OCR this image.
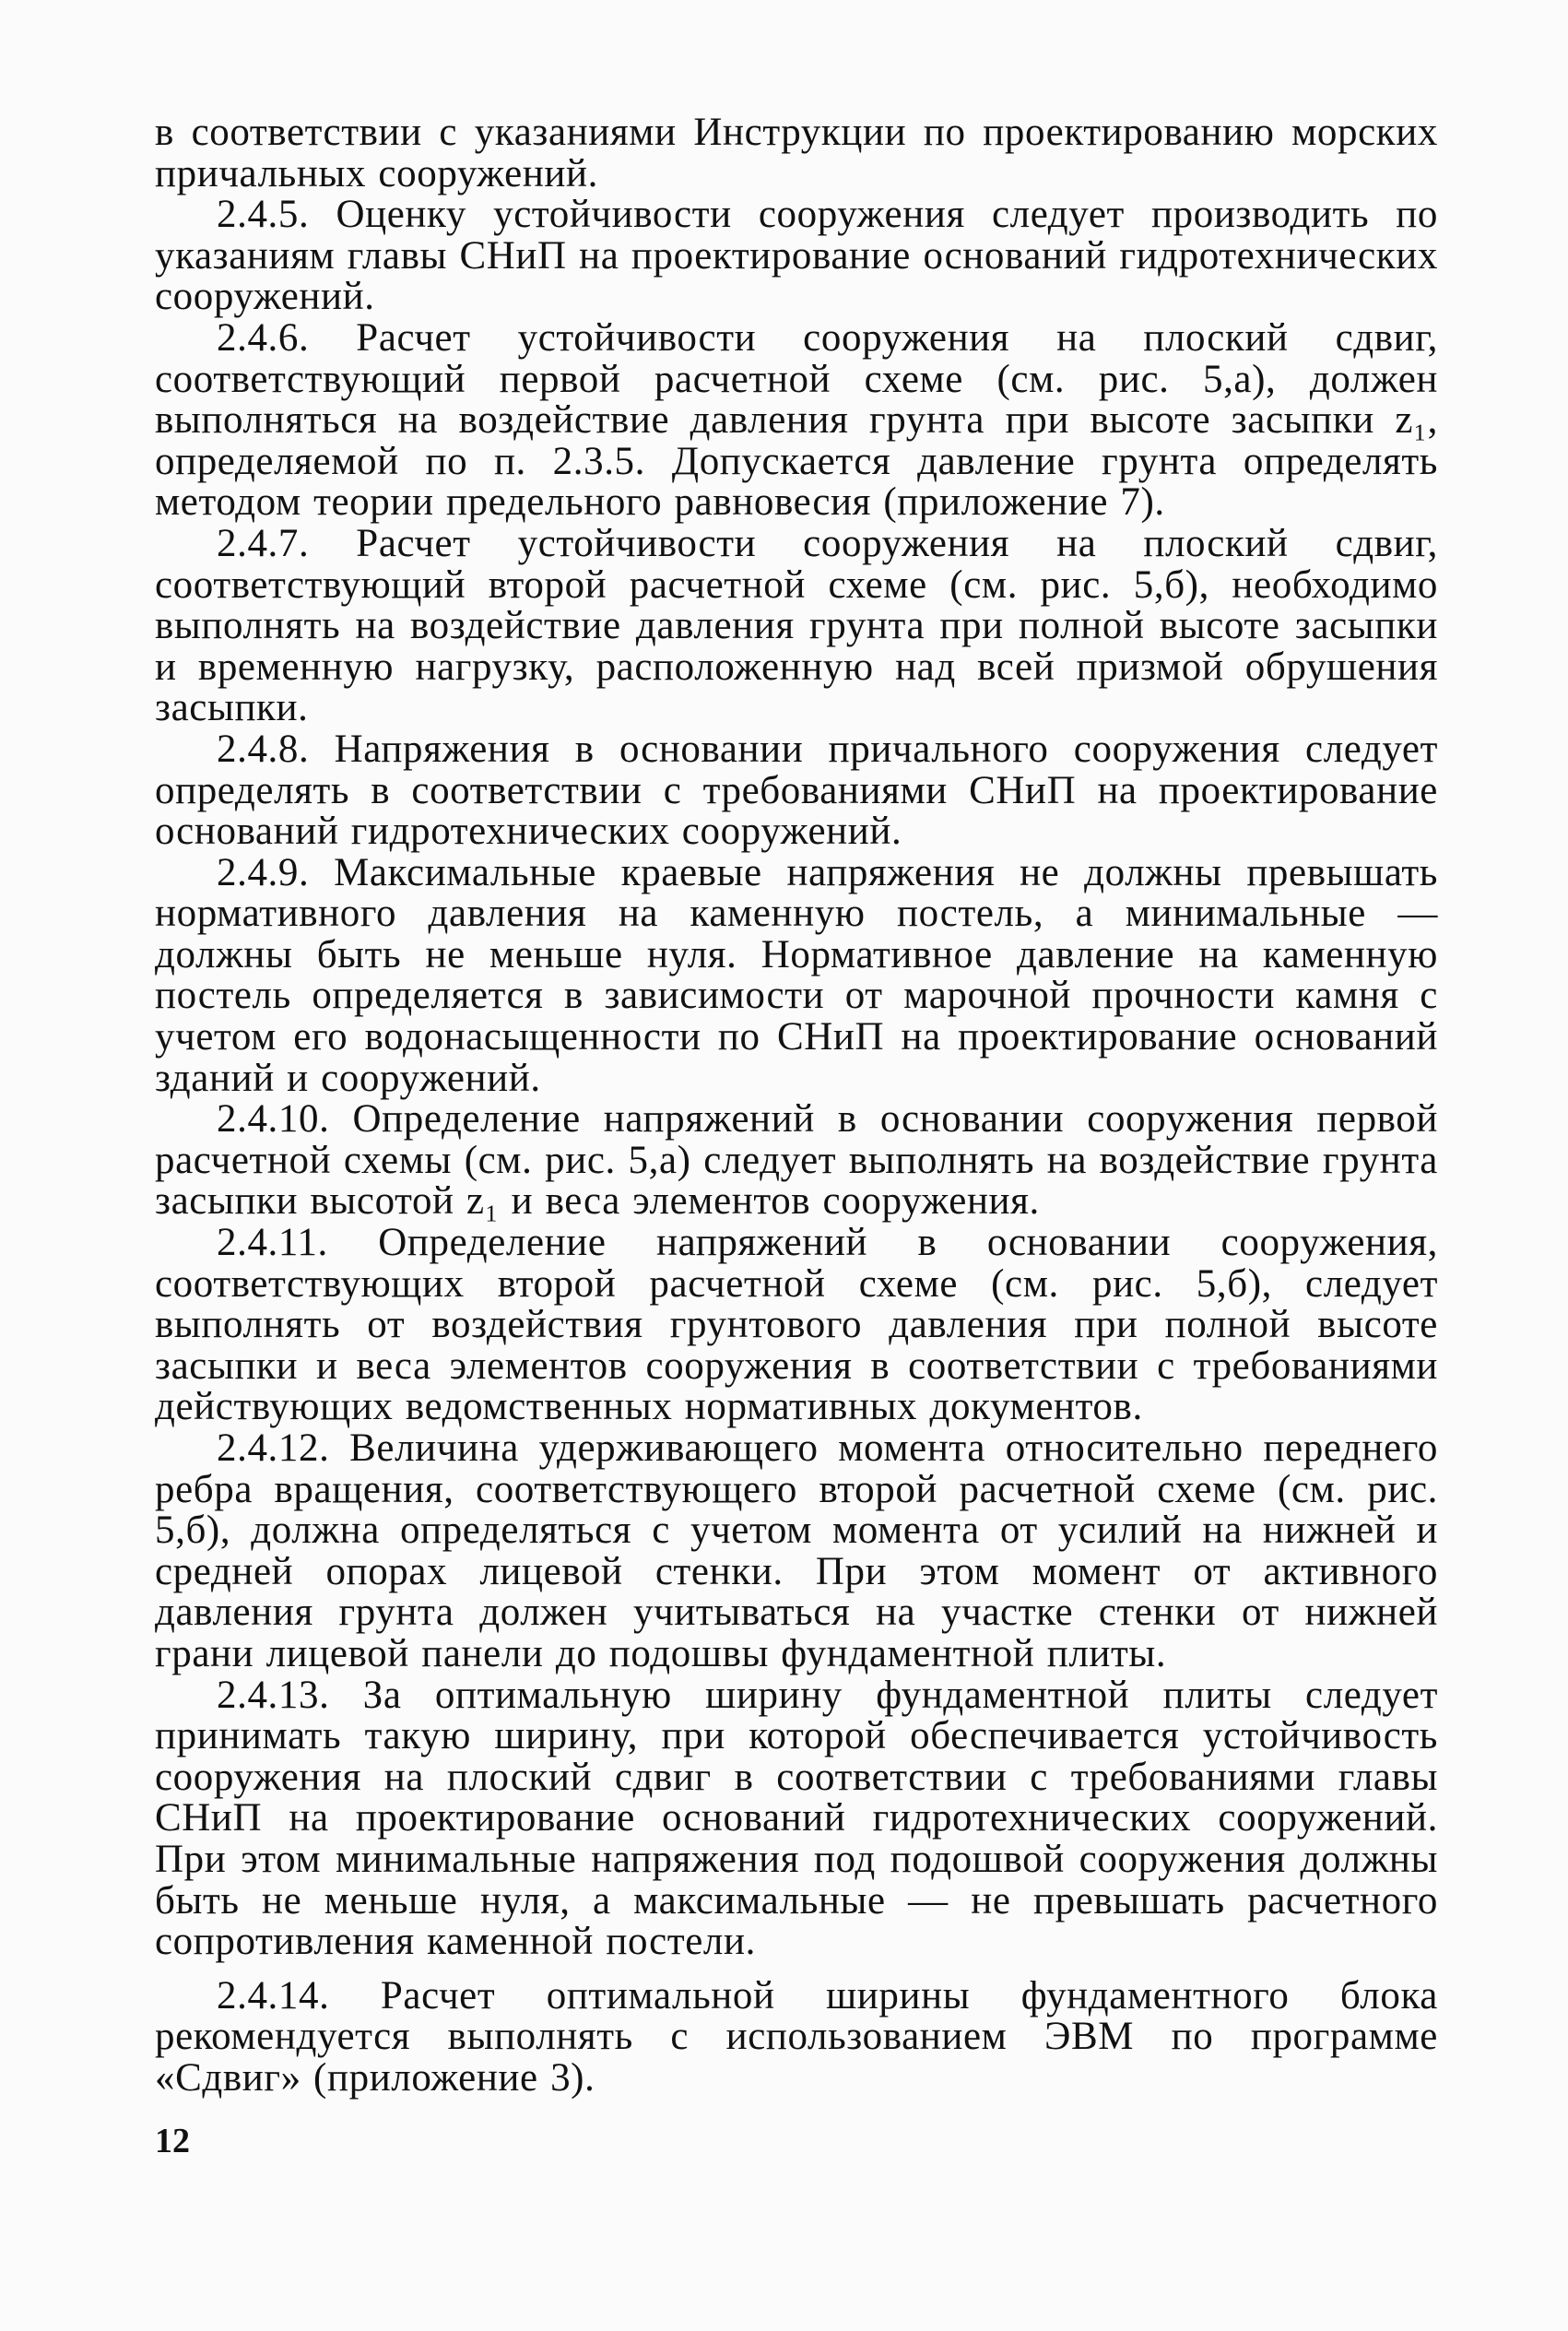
в соответствии с указаниями Инструкции по проектированию морских причальных сооружений.

2.4.5. Оценку устойчивости сооружения следует производить по указаниям главы СНиП на проектирование оснований гидротехнических сооружений.

2.4.6. Расчет устойчивости сооружения на плоский сдвиг, соответствующий первой расчетной схеме (см. рис. 5,а), должен выполняться на воздействие давления грунта при высоте засыпки z₁, определяемой по п. 2.3.5. Допускается давление грунта определять методом теории предельного равновесия (приложение 7).

2.4.7. Расчет устойчивости сооружения на плоский сдвиг, соответствующий второй расчетной схеме (см. рис. 5,б), необходимо выполнять на воздействие давления грунта при полной высоте засыпки и временную нагрузку, расположенную над всей призмой обрушения засыпки.

2.4.8. Напряжения в основании причального сооружения следует определять в соответствии с требованиями СНиП на проектирование оснований гидротехнических сооружений.

2.4.9. Максимальные краевые напряжения не должны превышать нормативного давления на каменную постель, а минимальные — должны быть не меньше нуля. Нормативное давление на каменную постель определяется в зависимости от марочной прочности камня с учетом его водонасыщенности по СНиП на проектирование оснований зданий и сооружений.

2.4.10. Определение напряжений в основании сооружения первой расчетной схемы (см. рис. 5,а) следует выполнять на воздействие грунта засыпки высотой z₁ и веса элементов сооружения.

2.4.11. Определение напряжений в основании сооружения, соответствующих второй расчетной схеме (см. рис. 5,б), следует выполнять от воздействия грунтового давления при полной высоте засыпки и веса элементов сооружения в соответствии с требованиями действующих ведомственных нормативных документов.

2.4.12. Величина удерживающего момента относительно переднего ребра вращения, соответствующего второй расчетной схеме (см. рис. 5,б), должна определяться с учетом момента от усилий на нижней и средней опорах лицевой стенки. При этом момент от активного давления грунта должен учитываться на участке стенки от нижней грани лицевой панели до подошвы фундаментной плиты.

2.4.13. За оптимальную ширину фундаментной плиты следует принимать такую ширину, при которой обеспечивается устойчивость сооружения на плоский сдвиг в соответствии с требованиями главы СНиП на проектирование оснований гидротехнических сооружений. При этом минимальные напряжения под подошвой сооружения должны быть не меньше нуля, а максимальные — не превышать расчетного сопротивления каменной постели.

2.4.14. Расчет оптимальной ширины фундаментного блока рекомендуется выполнять с использованием ЭВМ по программе «Сдвиг» (приложение 3).

12
